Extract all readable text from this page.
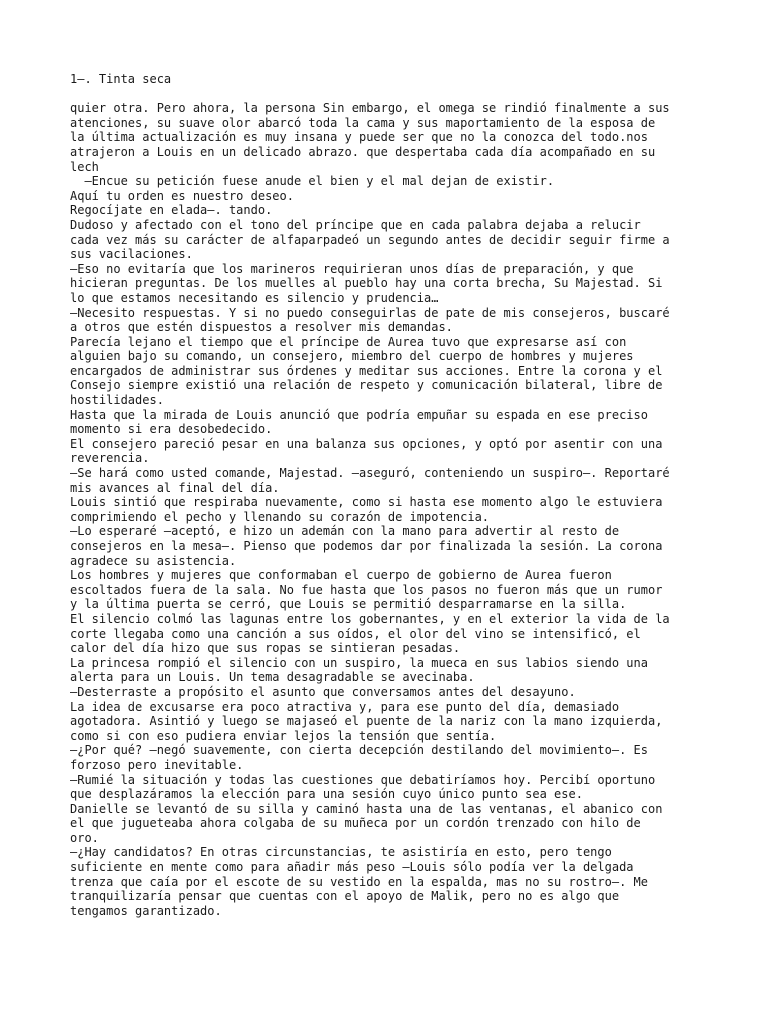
1—. Tinta seca
quier otra. Pero ahora, la persona Sin embargo, el omega se rindió finalmente a sus
atenciones, su suave olor abarcó toda la cama y sus maportamiento de la esposa de
la última actualización es muy insana y puede ser que no la conozca del todo.nos
atrajeron a Louis en un delicado abrazo. que despertaba cada día acompañado en su
lech
—Encue su petición fuese anude el bien y el mal dejan de existir.
Aquí tu orden es nuestro deseo.
Regocíjate en elada—. tando.
Dudoso y afectado con el tono del príncipe que en cada palabra dejaba a relucir
cada vez más su carácter de alfaparpadeó un segundo antes de decidir seguir firme a
sus vacilaciones.
—Eso no evitaría que los marineros requirieran unos días de preparación, y que
hicieran preguntas. De los muelles al pueblo hay una corta brecha, Su Majestad. Si
lo que estamos necesitando es silencio y prudencia…
—Necesito respuestas. Y si no puedo conseguirlas de pate de mis consejeros, buscaré
a otros que estén dispuestos a resolver mis demandas.
Parecía lejano el tiempo que el príncipe de Aurea tuvo que expresarse así con
alguien bajo su comando, un consejero, miembro del cuerpo de hombres y mujeres
encargados de administrar sus órdenes y meditar sus acciones. Entre la corona y el
Consejo siempre existió una relación de respeto y comunicación bilateral, libre de
hostilidades.
Hasta que la mirada de Louis anunció que podría empuñar su espada en ese preciso
momento si era desobedecido.
El consejero pareció pesar en una balanza sus opciones, y optó por asentir con una
reverencia.
—Se hará como usted comande, Majestad. —aseguró, conteniendo un suspiro—. Reportaré
mis avances al final del día.
Louis sintió que respiraba nuevamente, como si hasta ese momento algo le estuviera
comprimiendo el pecho y llenando su corazón de impotencia.
—Lo esperaré —aceptó, e hizo un ademán con la mano para advertir al resto de
consejeros en la mesa—. Pienso que podemos dar por finalizada la sesión. La corona
agradece su asistencia.
Los hombres y mujeres que conformaban el cuerpo de gobierno de Aurea fueron
escoltados fuera de la sala. No fue hasta que los pasos no fueron más que un rumor
y la última puerta se cerró, que Louis se permitió desparramarse en la silla.
El silencio colmó las lagunas entre los gobernantes, y en el exterior la vida de la
corte llegaba como una canción a sus oídos, el olor del vino se intensificó, el
calor del día hizo que sus ropas se sintieran pesadas.
La princesa rompió el silencio con un suspiro, la mueca en sus labios siendo una
alerta para un Louis. Un tema desagradable se avecinaba.
—Desterraste a propósito el asunto que conversamos antes del desayuno.
La idea de excusarse era poco atractiva y, para ese punto del día, demasiado
agotadora. Asintió y luego se majaseó el puente de la nariz con la mano izquierda,
como si con eso pudiera enviar lejos la tensión que sentía.
—¿Por qué? —negó suavemente, con cierta decepción destilando del movimiento—. Es
forzoso pero inevitable.
—Rumié la situación y todas las cuestiones que debatiríamos hoy. Percibí oportuno
que desplazáramos la elección para una sesión cuyo único punto sea ese.
Danielle se levantó de su silla y caminó hasta una de las ventanas, el abanico con
el que jugueteaba ahora colgaba de su muñeca por un cordón trenzado con hilo de
oro.
—¿Hay candidatos? En otras circunstancias, te asistiría en esto, pero tengo
suficiente en mente como para añadir más peso —Louis sólo podía ver la delgada
trenza que caía por el escote de su vestido en la espalda, mas no su rostro—. Me
tranquilizaría pensar que cuentas con el apoyo de Malik, pero no es algo que
tengamos garantizado.
